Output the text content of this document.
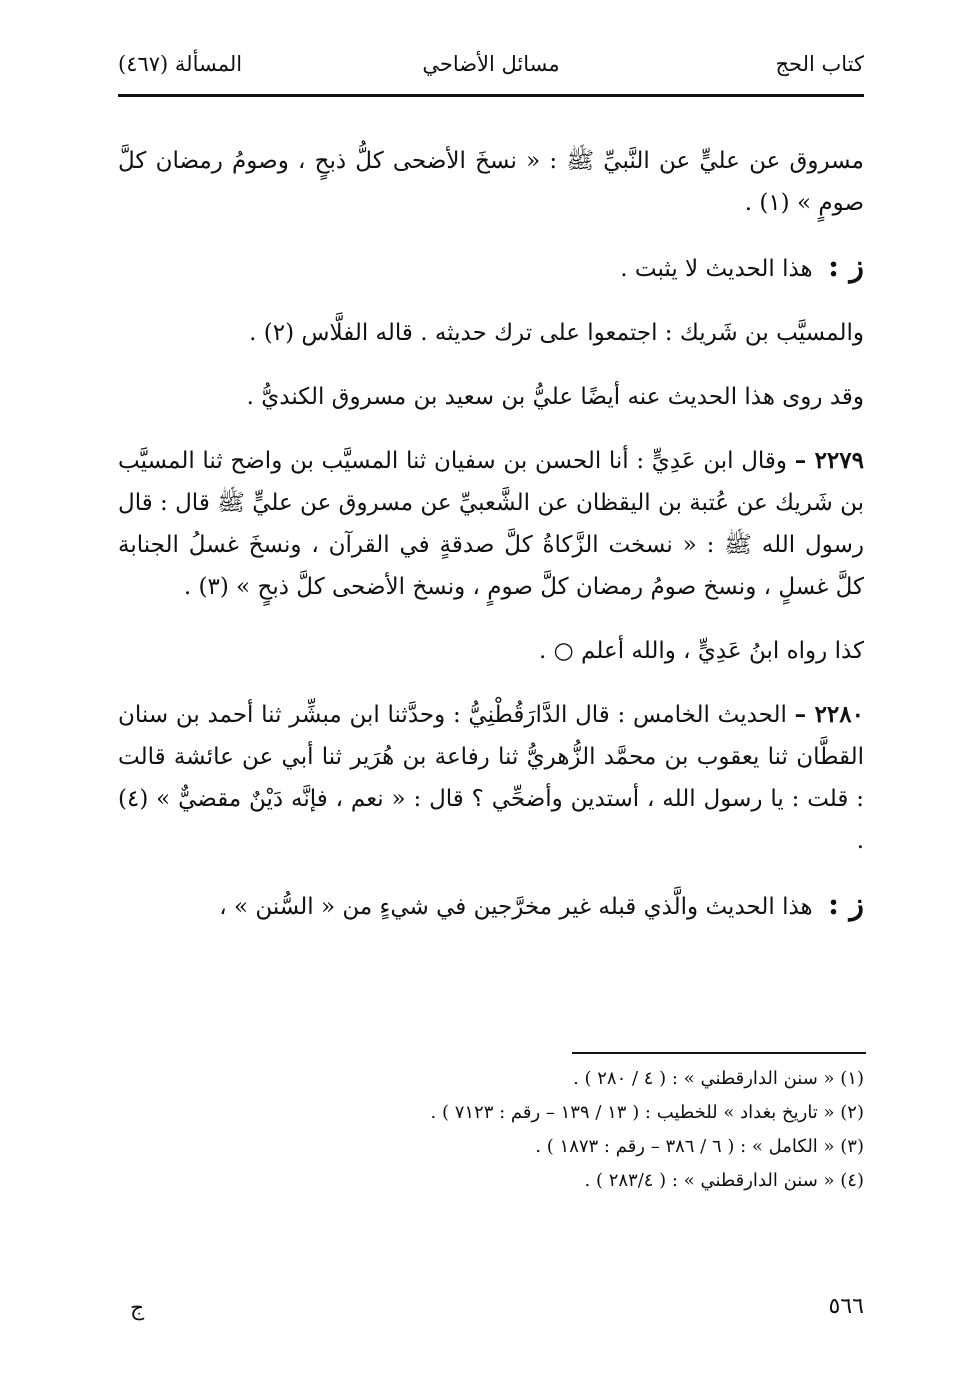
كتاب الحج
مسائل الأضاحي
المسألة (٤٦٧)

مسروق عن عليٍّ عن النَّبيِّ ﷺ : « نسخَ الأضحى كلُّ ذبحٍ ، وصومُ رمضان كلَّ صومٍ » (١) .

ز : هذا الحديث لا يثبت .

والمسيَّب بن شَريك : اجتمعوا على ترك حديثه . قاله الفلَّاس (٢) .

وقد روى هذا الحديث عنه أيضًا عليُّ بن سعيد بن مسروق الكنديُّ .

٢٢٧٩ – وقال ابن عَدِيٍّ : أنا الحسن بن سفيان ثنا المسيَّب بن واضح ثنا المسيَّب بن شَريك عن عُتبة بن اليقظان عن الشَّعبيِّ عن مسروق عن عليٍّ ﷺ قال : قال رسول الله ﷺ : « نسخت الزَّكاةُ كلَّ صدقةٍ في القرآن ، ونسخَ غسلُ الجنابة كلَّ غسلٍ ، ونسخ صومُ رمضان كلَّ صومٍ ، ونسخ الأضحى كلَّ ذبحٍ » (٣) .

كذا رواه ابنُ عَدِيٍّ ، والله أعلم ○ .

٢٢٨٠ – الحديث الخامس : قال الدَّارَقُطْنِيُّ : وحدَّثنا ابن مبشِّر ثنا أحمد بن سنان القطَّان ثنا يعقوب بن محمَّد الزُّهريُّ ثنا رفاعة بن هُرَير ثنا أبي عن عائشة قالت : قلت : يا رسول الله ، أستدين وأضحِّي ؟ قال : « نعم ، فإنَّه دَيْنٌ مقضيٌّ » (٤) .

ز : هذا الحديث والَّذي قبله غير مخرَّجين في شيءٍ من « السُّنن » ،

(١) « سنن الدارقطني » : ( ٤ / ٢٨٠ ) .
(٢) « تاريخ بغداد » للخطيب : ( ١٣ / ١٣٩ – رقم : ٧١٢٣ ) .
(٣) « الكامل » : ( ٦ / ٣٨٦ – رقم : ١٨٧٣ ) .
(٤) « سنن الدارقطني » : ( ٢٨٣/٤ ) .
٥٦٦
ج
